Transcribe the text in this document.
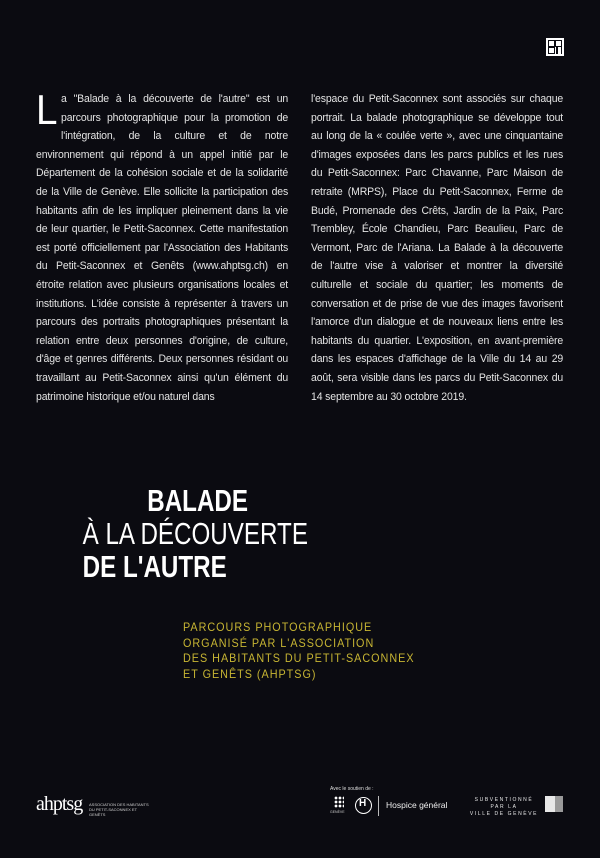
La "Balade à la découverte de l'autre" est un parcours photographique pour la promotion de l'intégration, de la culture et de notre environnement qui répond à un appel initié par le Département de la cohésion sociale et de la solidarité de la Ville de Genève. Elle sollicite la participation des habitants afin de les impliquer pleinement dans la vie de leur quartier, le Petit-Saconnex. Cette manifestation est porté officiellement par l'Association des Habitants du Petit-Saconnex et Genêts (www.ahptsg.ch) en étroite relation avec plusieurs organisations locales et institutions. L'idée consiste à représenter à travers un parcours des portraits photographiques présentant la relation entre deux personnes d'origine, de culture, d'âge et genres différents. Deux personnes résidant ou travaillant au Petit-Saconnex ainsi qu'un élément du patrimoine historique et/ou naturel dans

l'espace du Petit-Saconnex sont associés sur chaque portrait. La balade photographique se développe tout au long de la « coulée verte », avec une cinquantaine d'images exposées dans les parcs publics et les rues du Petit-Saconnex: Parc Chavanne, Parc Maison de retraite (MRPS), Place du Petit-Saconnex, Ferme de Budé, Promenade des Crêts, Jardin de la Paix, Parc Trembley, École Chandieu, Parc Beaulieu, Parc de Vermont, Parc de l'Ariana. La Balade à la découverte de l'autre vise à valoriser et montrer la diversité culturelle et sociale du quartier; les moments de conversation et de prise de vue des images favorisent l'amorce d'un dialogue et de nouveaux liens entre les habitants du quartier. L'exposition, en avant-première dans les espaces d'affichage de la Ville du 14 au 29 août, sera visible dans les parcs du Petit-Saconnex du 14 septembre au 30 octobre 2019.

BALADE
À LA DÉCOUVERTE
DE L'AUTRE
PARCOURS PHOTOGRAPHIQUE
ORGANISÉ PAR L'ASSOCIATION
DES HABITANTS DU PETIT-SACONNEX
ET GENÊTS (AHPTSG)
ahptsg ASSOCIATION DES HABITANTS DU PETIT-SACONNEX ET GENÊTS
Avec le soutien de :
GENÈVE
H
Hospice général	SUBVENTIONNÉ
PAR LA
VILLE DE GENÈVE
